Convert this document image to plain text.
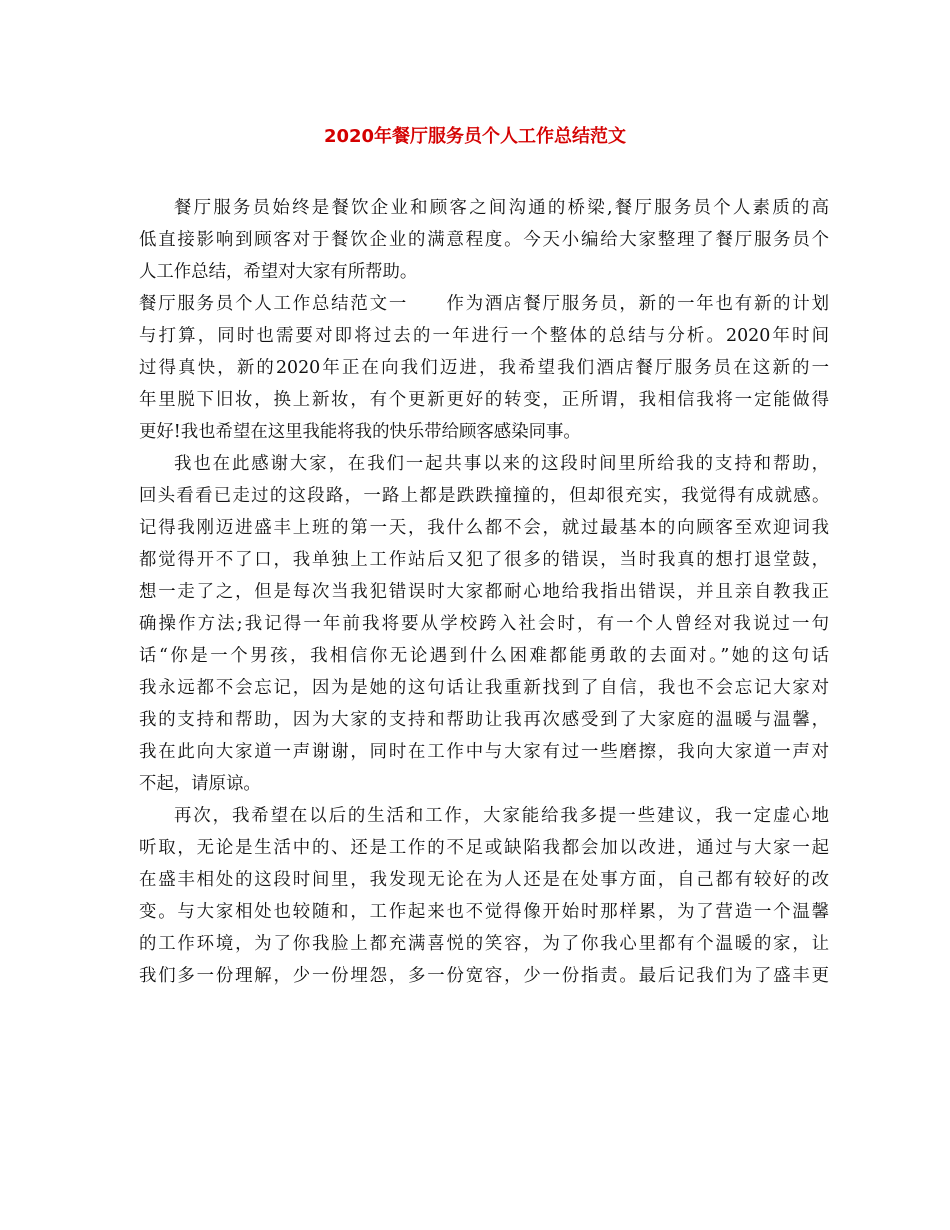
2020年餐厅服务员个人工作总结范文
餐厅服务员始终是餐饮企业和顾客之间沟通的桥梁,餐厅服务员个人素质的高
低直接影响到顾客对于餐饮企业的满意程度。今天小编给大家整理了餐厅服务员个
人工作总结，希望对大家有所帮助。
餐厅服务员个人工作总结范文一　　作为酒店餐厅服务员，新的一年也有新的计划
与打算，同时也需要对即将过去的一年进行一个整体的总结与分析。2020年时间
过得真快，新的2020年正在向我们迈进，我希望我们酒店餐厅服务员在这新的一
年里脱下旧妆，换上新妆，有个更新更好的转变，正所谓，我相信我将一定能做得
更好!我也希望在这里我能将我的快乐带给顾客感染同事。
我也在此感谢大家，在我们一起共事以来的这段时间里所给我的支持和帮助，
回头看看已走过的这段路，一路上都是跌跌撞撞的，但却很充实，我觉得有成就感。
记得我刚迈进盛丰上班的第一天，我什么都不会，就过最基本的向顾客至欢迎词我
都觉得开不了口，我单独上工作站后又犯了很多的错误，当时我真的想打退堂鼓，
想一走了之，但是每次当我犯错误时大家都耐心地给我指出错误，并且亲自教我正
确操作方法;我记得一年前我将要从学校跨入社会时，有一个人曾经对我说过一句
话“你是一个男孩，我相信你无论遇到什么困难都能勇敢的去面对。”她的这句话
我永远都不会忘记，因为是她的这句话让我重新找到了自信，我也不会忘记大家对
我的支持和帮助，因为大家的支持和帮助让我再次感受到了大家庭的温暖与温馨，
我在此向大家道一声谢谢，同时在工作中与大家有过一些磨擦，我向大家道一声对
不起，请原谅。
再次，我希望在以后的生活和工作，大家能给我多提一些建议，我一定虚心地
听取，无论是生活中的、还是工作的不足或缺陷我都会加以改进，通过与大家一起
在盛丰相处的这段时间里，我发现无论在为人还是在处事方面，自己都有较好的改
变。与大家相处也较随和，工作起来也不觉得像开始时那样累，为了营造一个温馨
的工作环境，为了你我脸上都充满喜悦的笑容，为了你我心里都有个温暖的家，让
我们多一份理解，少一份埋怨，多一份宽容，少一份指责。最后记我们为了盛丰更
